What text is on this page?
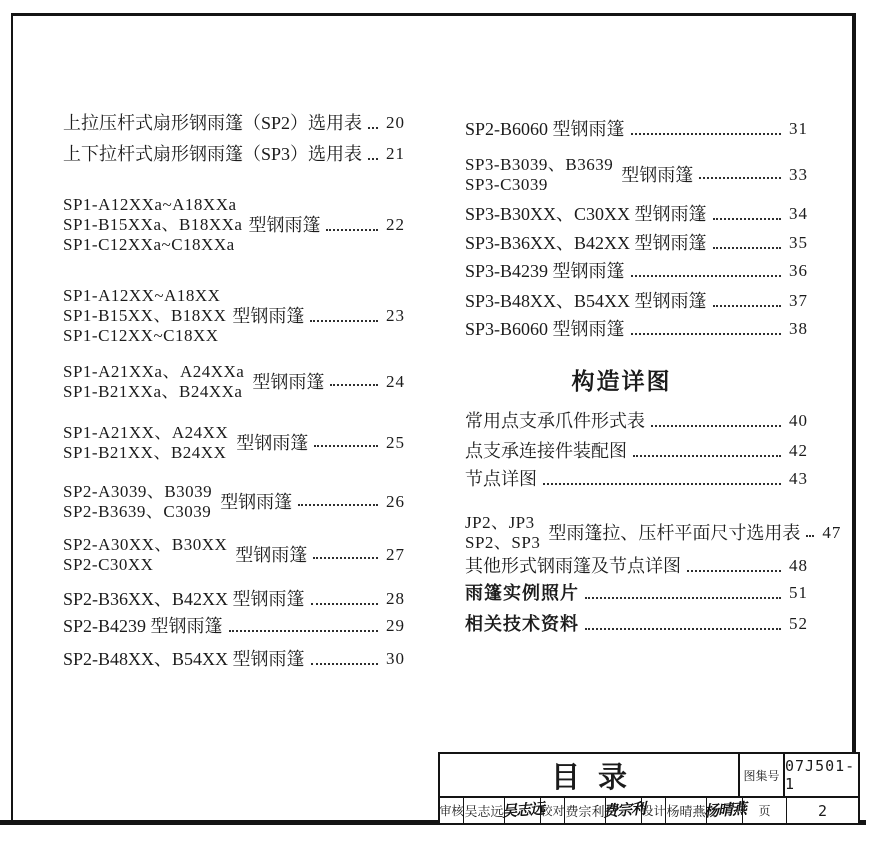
上拉压杆式扇形钢雨篷（SP2）选用表 20
上下拉杆式扇形钢雨篷（SP3）选用表 21
SP1-A12XXa~A18XXa
SP1-B15XXa、B18XXa 型钢雨篷	22
SP1-C12XXa~C18XXa
SP1-A12XX~A18XX
SP1-B15XX、B18XX 型钢雨篷	23
SP1-C12XX~C18XX
SP1-A21XXa、A24XXa
SP1-B21XXa、B24XXa 型钢雨篷	24
SP1-A21XX、A24XX
SP1-B21XX、B24XX 型钢雨篷	25
SP2-A3039、B3039
SP2-B3639、C3039 型钢雨篷	26
SP2-A30XX、B30XX
SP2-C30XX	型钢雨篷	27
SP2-B36XX、B42XX 型钢雨篷	28
SP2-B4239 型钢雨篷	29
SP2-B48XX、B54XX 型钢雨篷	30
SP2-B6060 型钢雨篷	31
SP3-B3039、B3639
SP3-C3039	型钢雨篷	33
SP3-B30XX、C30XX 型钢雨篷	34
SP3-B36XX、B42XX 型钢雨篷	35
SP3-B4239 型钢雨篷	36
SP3-B48XX、B54XX 型钢雨篷	37
SP3-B6060 型钢雨篷	38
构造详图
常用点支承爪件形式表	40
点支承连接件装配图	42
节点详图	43
JP2、JP3
SP2、SP3 型雨篷拉、压杆平面尺寸选用表 47
其他形式钢雨篷及节点详图	48
雨篷实例照片	51
相关技术资料	52
目 录	图集号
07J501-1
审核 吴志远
吴志远
校对 费宗利
费宗利
设计 杨晴燕
杨晴燕	页	2
